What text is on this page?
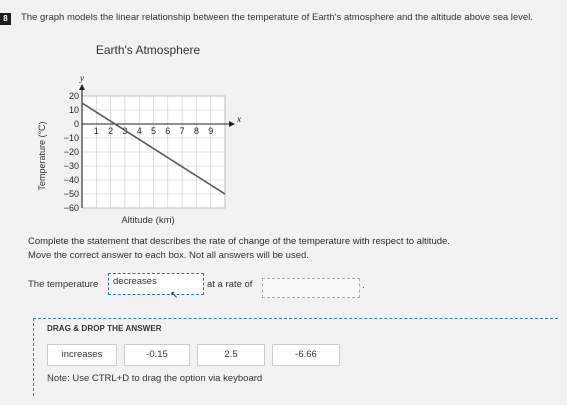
8	The graph models the linear relationship between the temperature of Earth's atmosphere and the altitude above sea level.
Earth's Atmosphere
y
x
20
10
0
−10
−20
−30
−40
−50
−60
1 2 3 4 5 6 7 8 9
Temperature (°C)
Altitude (km)
Complete the statement that describes the rate of change of the temperature with respect to altitude.
Move the correct answer to each box. Not all answers will be used.
The temperature decreases
↖
at a rate of	.
DRAG & DROP THE ANSWER
increases	-0.15	2.5	-6.66
Note: Use CTRL+D to drag the option via keyboard
